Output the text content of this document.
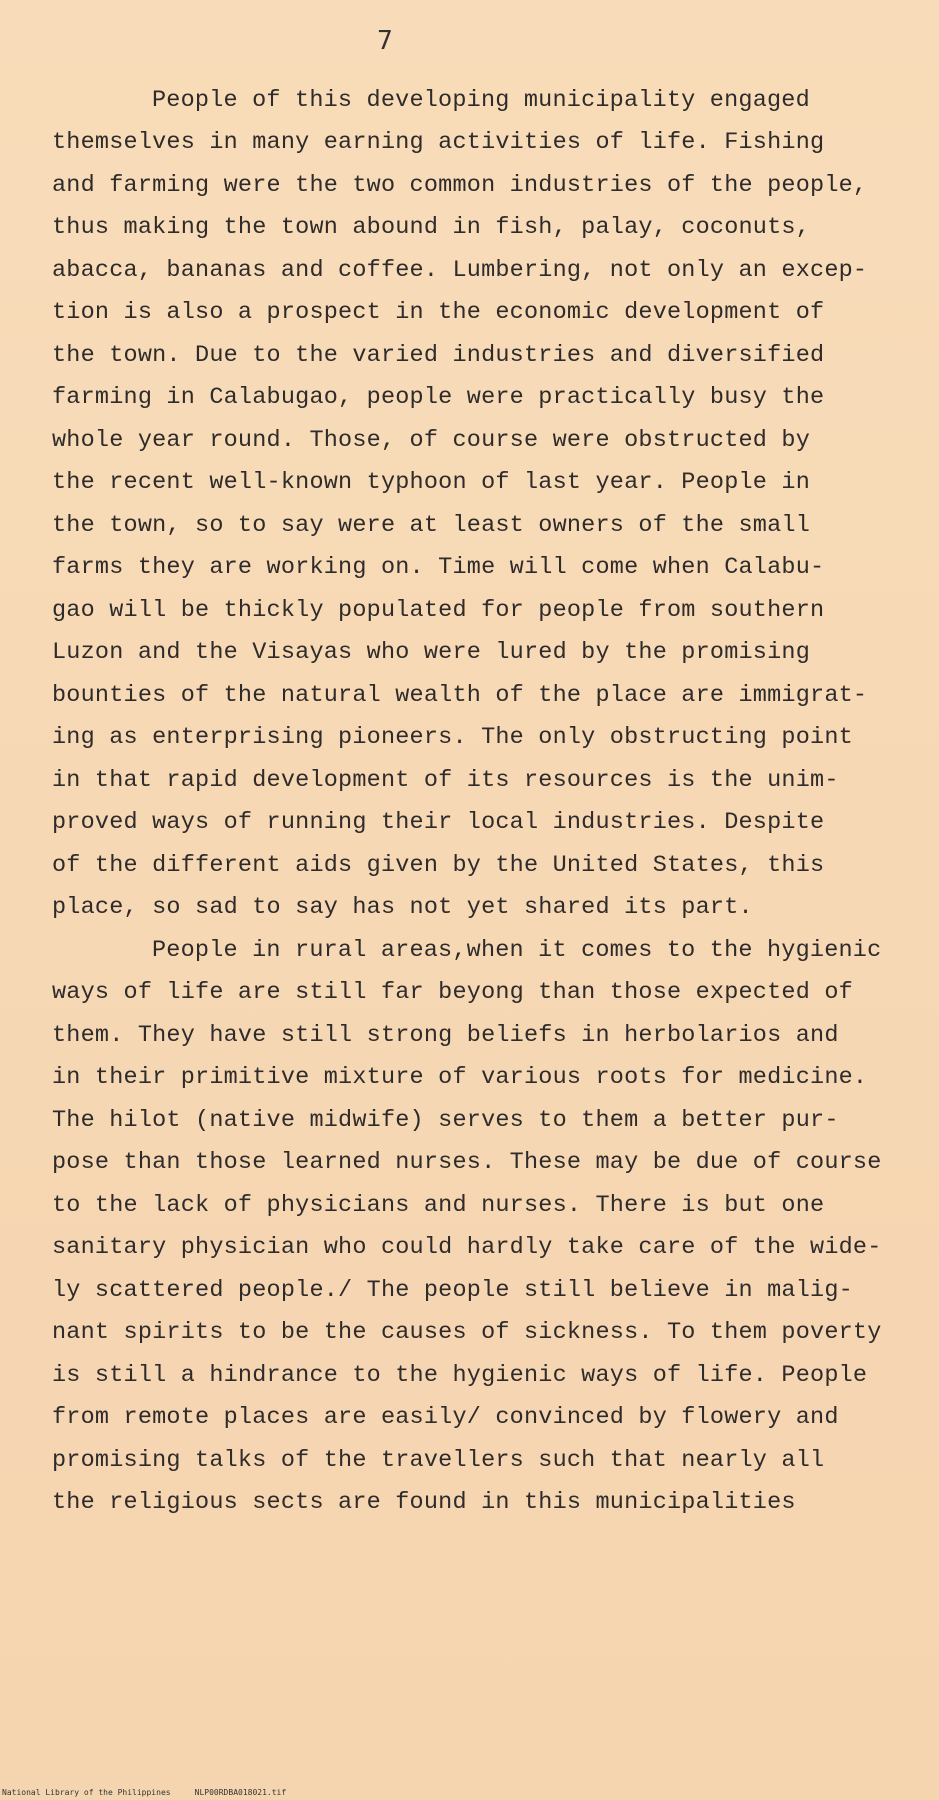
7
People of this developing municipality engaged
themselves in many earning activities of life. Fishing
and farming were the two common industries of the people,
thus making the town abound in fish, palay, coconuts,
abacca, bananas and coffee. Lumbering, not only an excep-
tion is also a prospect in the economic development of
the town. Due to the varied industries and diversified
farming in Calabugao, people were practically busy the
whole year round. Those, of course were obstructed by
the recent well-known typhoon of last year. People in
the town, so to say were at least owners of the small
farms they are working on. Time will come when Calabu-
gao will be thickly populated for people from southern
Luzon and the Visayas who were lured by the promising
bounties of the natural wealth of the place are immigrat-
ing as enterprising pioneers. The only obstructing point
in that rapid development of its resources is the unim-
proved ways of running their local industries. Despite
of the different aids given by the United States, this
place, so sad to say has not yet shared its part.
People in rural areas,when it comes to the hygienic
ways of life are still far beyong than those expected of
them. They have still strong beliefs in herbolarios and
in their primitive mixture of various roots for medicine.
The hilot (native midwife) serves to them a better pur-
pose than those learned nurses. These may be due of course
to the lack of physicians and nurses. There is but one
sanitary physician who could hardly take care of the wide-
ly scattered people./ The people still believe in malig-
nant spirits to be the causes of sickness. To them poverty
is still a hindrance to the hygienic ways of life. People
from remote places are easily/ convinced by flowery and
promising talks of the travellers such that nearly all
the religious sects are found in this municipalities
National Library of the Philippines     NLP00RDBA018021.tif
